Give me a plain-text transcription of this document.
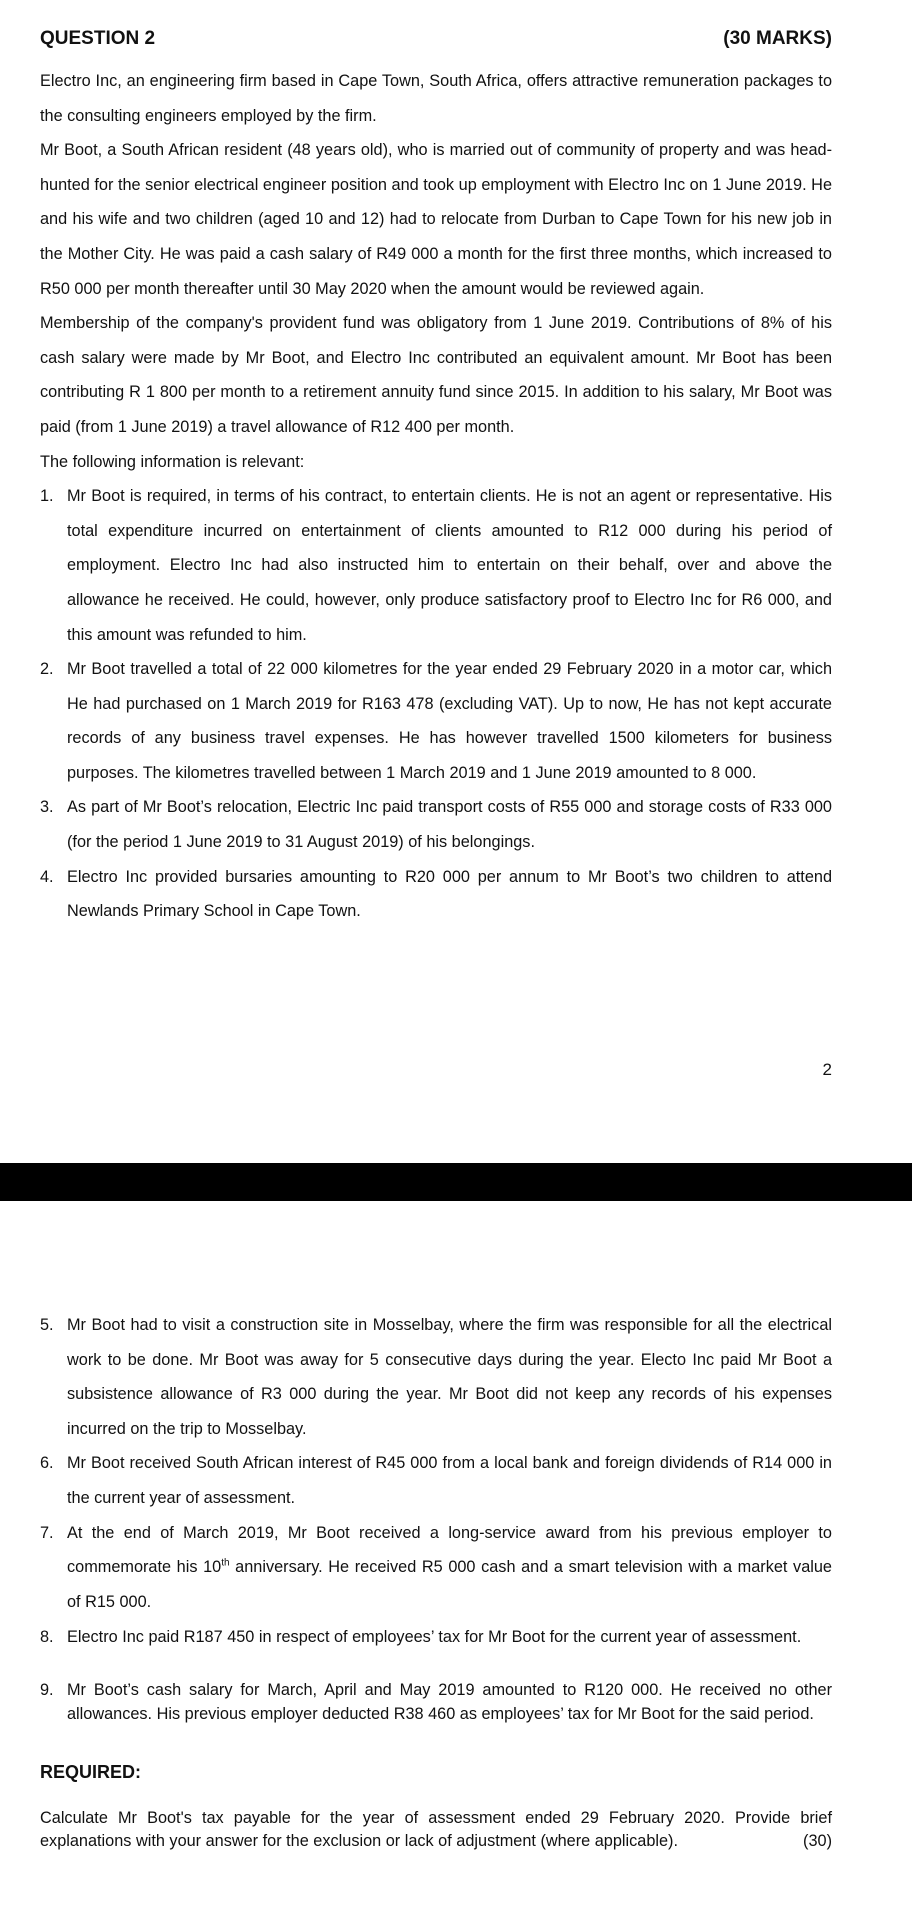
QUESTION 2	(30 MARKS)

Electro Inc, an engineering firm based in Cape Town, South Africa, offers attractive remuneration packages to the consulting engineers employed by the firm.

Mr Boot, a South African resident (48 years old), who is married out of community of property and was head-hunted for the senior electrical engineer position and took up employment with Electro Inc on 1 June 2019. He and his wife and two children (aged 10 and 12) had to relocate from Durban to Cape Town for his new job in the Mother City. He was paid a cash salary of R49 000 a month for the first three months, which increased to R50 000 per month thereafter until 30 May 2020 when the amount would be reviewed again.

Membership of the company's provident fund was obligatory from 1 June 2019. Contributions of 8% of his cash salary were made by Mr Boot, and Electro Inc contributed an equivalent amount. Mr Boot has been contributing R 1 800 per month to a retirement annuity fund since 2015. In addition to his salary, Mr Boot was paid (from 1 June 2019) a travel allowance of R12 400 per month.

The following information is relevant:

1. Mr Boot is required, in terms of his contract, to entertain clients. He is not an agent or representative. His total expenditure incurred on entertainment of clients amounted to R12 000 during his period of employment. Electro Inc had also instructed him to entertain on their behalf, over and above the allowance he received. He could, however, only produce satisfactory proof to Electro Inc for R6 000, and this amount was refunded to him.
2. Mr Boot travelled a total of 22 000 kilometres for the year ended 29 February 2020 in a motor car, which He had purchased on 1 March 2019 for R163 478 (excluding VAT). Up to now, He has not kept accurate records of any business travel expenses. He has however travelled 1500 kilometers for business purposes. The kilometres travelled between 1 March 2019 and 1 June 2019 amounted to 8 000.
3. As part of Mr Boot’s relocation, Electric Inc paid transport costs of R55 000 and storage costs of R33 000 (for the period 1 June 2019 to 31 August 2019) of his belongings.
4. Electro Inc provided bursaries amounting to R20 000 per annum to Mr Boot’s two children to attend Newlands Primary School in Cape Town.
2
5. Mr Boot had to visit a construction site in Mosselbay, where the firm was responsible for all the electrical work to be done. Mr Boot was away for 5 consecutive days during the year. Electo Inc paid Mr Boot a subsistence allowance of R3 000 during the year. Mr Boot did not keep any records of his expenses incurred on the trip to Mosselbay.
6. Mr Boot received South African interest of R45 000 from a local bank and foreign dividends of R14 000 in the current year of assessment.
7. At the end of March 2019, Mr Boot received a long-service award from his previous employer to commemorate his 10th anniversary. He received R5 000 cash and a smart television with a market value of R15 000.
8. Electro Inc paid R187 450 in respect of employees’ tax for Mr Boot for the current year of assessment.
9. Mr Boot’s cash salary for March, April and May 2019 amounted to R120 000. He received no other allowances. His previous employer deducted R38 460 as employees’ tax for Mr Boot for the said period.
REQUIRED:
Calculate Mr Boot's tax payable for the year of assessment ended 29 February 2020. Provide brief explanations with your answer for the exclusion or lack of adjustment (where applicable).	(30)
